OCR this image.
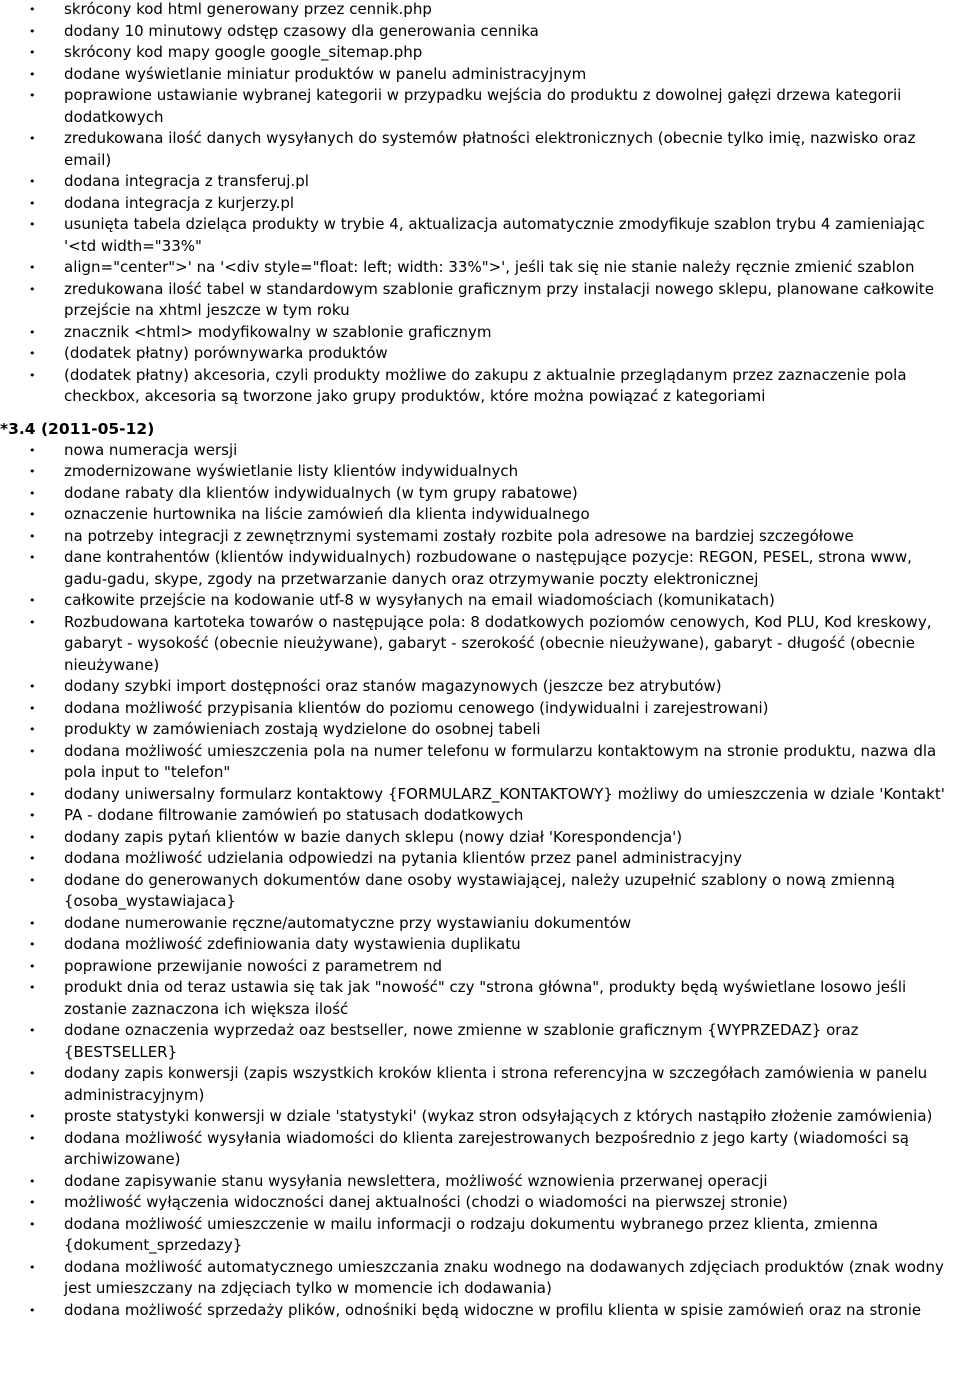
• skrócony kod html generowany przez cennik.php
• dodany 10 minutowy odstęp czasowy dla generowania cennika
• skrócony kod mapy google google_sitemap.php
• dodane wyświetlanie miniatur produktów w panelu administracyjnym
• poprawione ustawianie wybranej kategorii w przypadku wejścia do produktu z dowolnej gałęzi drzewa kategorii dodatkowych
• zredukowana ilość danych wysyłanych do systemów płatności elektronicznych (obecnie tylko imię, nazwisko oraz email)
• dodana integracja z transferuj.pl
• dodana integracja z kurjerzy.pl
• usunięta tabela dzieląca produkty w trybie 4, aktualizacja automatycznie zmodyfikuje szablon trybu 4 zamieniając '<td width="33%"
• align="center">' na '<div style="float: left; width: 33%">', jeśli tak się nie stanie należy ręcznie zmienić szablon
• zredukowana ilość tabel w standardowym szablonie graficznym przy instalacji nowego sklepu, planowane całkowite przejście na xhtml jeszcze w tym roku
• znacznik <html> modyfikowalny w szablonie graficznym
• (dodatek płatny) porównywarka produktów
• (dodatek płatny) akcesoria, czyli produkty możliwe do zakupu z aktualnie przeglądanym przez zaznaczenie pola checkbox, akcesoria są tworzone jako grupy produktów, które można powiązać z kategoriami
*3.4 (2011-05-12)
• nowa numeracja wersji
• zmodernizowane wyświetlanie listy klientów indywidualnych
• dodane rabaty dla klientów indywidualnych (w tym grupy rabatowe)
• oznaczenie hurtownika na liście zamówień dla klienta indywidualnego
• na potrzeby integracji z zewnętrznymi systemami zostały rozbite pola adresowe na bardziej szczegółowe
• dane kontrahentów (klientów indywidualnych) rozbudowane o następujące pozycje: REGON, PESEL, strona www, gadu-gadu, skype, zgody na przetwarzanie danych oraz otrzymywanie poczty elektronicznej
• całkowite przejście na kodowanie utf-8 w wysyłanych na email wiadomościach (komunikatach)
• Rozbudowana kartoteka towarów o następujące pola: 8 dodatkowych poziomów cenowych, Kod PLU, Kod kreskowy, gabaryt - wysokość (obecnie nieużywane), gabaryt - szerokość (obecnie nieużywane), gabaryt - długość (obecnie nieużywane)
• dodany szybki import dostępności oraz stanów magazynowych (jeszcze bez atrybutów)
• dodana możliwość przypisania klientów do poziomu cenowego (indywidualni i zarejestrowani)
• produkty w zamówieniach zostają wydzielone do osobnej tabeli
• dodana możliwość umieszczenia pola na numer telefonu w formularzu kontaktowym na stronie produktu, nazwa dla pola input to "telefon"
• dodany uniwersalny formularz kontaktowy {FORMULARZ_KONTAKTOWY} możliwy do umieszczenia w dziale 'Kontakt'
• PA - dodane filtrowanie zamówień po statusach dodatkowych
• dodany zapis pytań klientów w bazie danych sklepu (nowy dział 'Korespondencja')
• dodana możliwość udzielania odpowiedzi na pytania klientów przez panel administracyjny
• dodane do generowanych dokumentów dane osoby wystawiającej, należy uzupełnić szablony o nową zmienną {osoba_wystawiajaca}
• dodane numerowanie ręczne/automatyczne przy wystawianiu dokumentów
• dodana możliwość zdefiniowania daty wystawienia duplikatu
• poprawione przewijanie nowości z parametrem nd
• produkt dnia od teraz ustawia się tak jak "nowość" czy "strona główna", produkty będą wyświetlane losowo jeśli zostanie zaznaczona ich większa ilość
• dodane oznaczenia wyprzedaż oaz bestseller, nowe zmienne w szablonie graficznym {WYPRZEDAZ} oraz {BESTSELLER}
• dodany zapis konwersji (zapis wszystkich kroków klienta i strona referencyjna w szczegółach zamówienia w panelu administracyjnym)
• proste statystyki konwersji w dziale 'statystyki' (wykaz stron odsyłających z których nastąpiło złożenie zamówienia)
• dodana możliwość wysyłania wiadomości do klienta zarejestrowanych bezpośrednio z jego karty (wiadomości są archiwizowane)
• dodane zapisywanie stanu wysyłania newslettera, możliwość wznowienia przerwanej operacji
• możliwość wyłączenia widoczności danej aktualności (chodzi o wiadomości na pierwszej stronie)
• dodana możliwość umieszczenie w mailu informacji o rodzaju dokumentu wybranego przez klienta, zmienna {dokument_sprzedazy}
• dodana możliwość automatycznego umieszczania znaku wodnego na dodawanych zdjęciach produktów (znak wodny jest umieszczany na zdjęciach tylko w momencie ich dodawania)
• dodana możliwość sprzedaży plików, odnośniki będą widoczne w profilu klienta w spisie zamówień oraz na stronie
